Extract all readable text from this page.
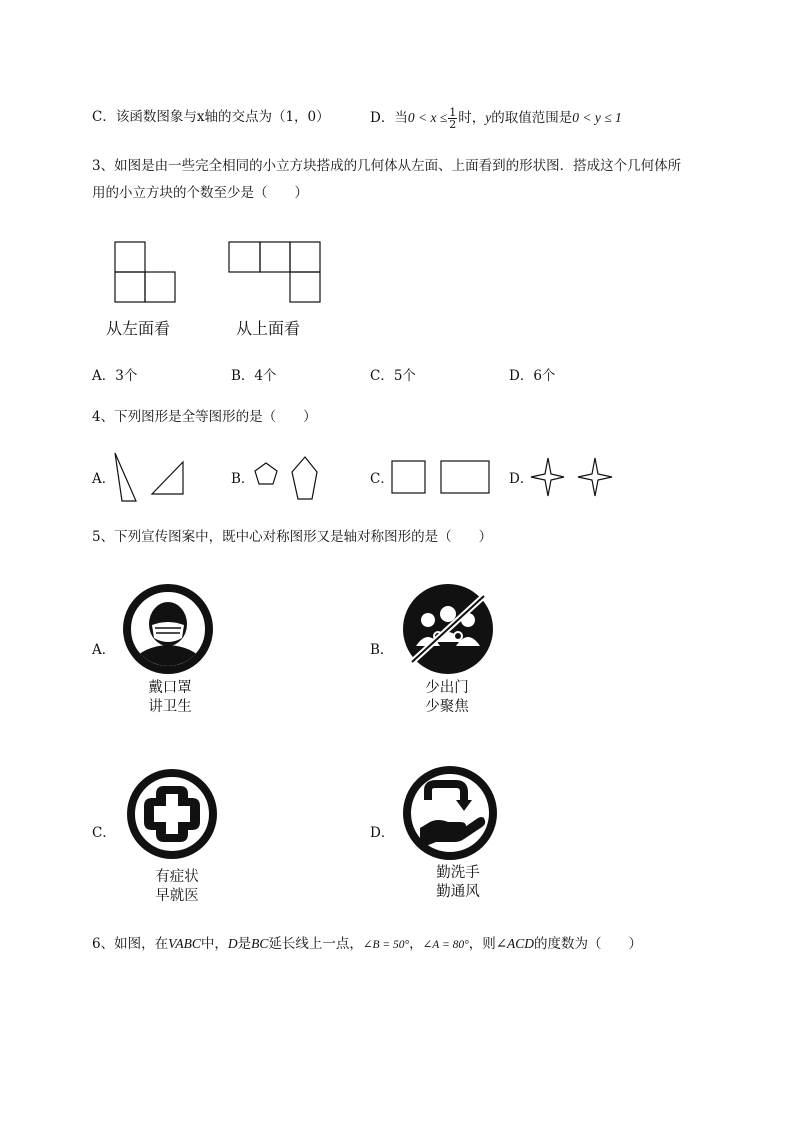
C．该函数图象与x轴的交点为（1，0）	D．当$0 < x \le \frac{1}{2}$ 时，y的取值范围是0 < y ≤ 1
3、如图是由一些完全相同的小立方块搭成的几何体从左面、上面看到的形状图．搭成这个几何体所
用的小立方块的个数至少是（　　）
从左面看	从上面看
A．3个	B．4个	C．5个	D．6个
4、下列图形是全等图形的是（　　）
A．	B．	C．	D．
5、下列宣传图案中，既中心对称图形又是轴对称图形的是（　　）
A．
戴口罩
讲卫生
B．
少出门
少聚焦
C．
有症状
早就医
D．
勤洗手
勤通风
6、如图，在VABC中，D是BC延长线上一点，∠B = 50°，∠A = 80°，则∠ACD的度数为（　　）
